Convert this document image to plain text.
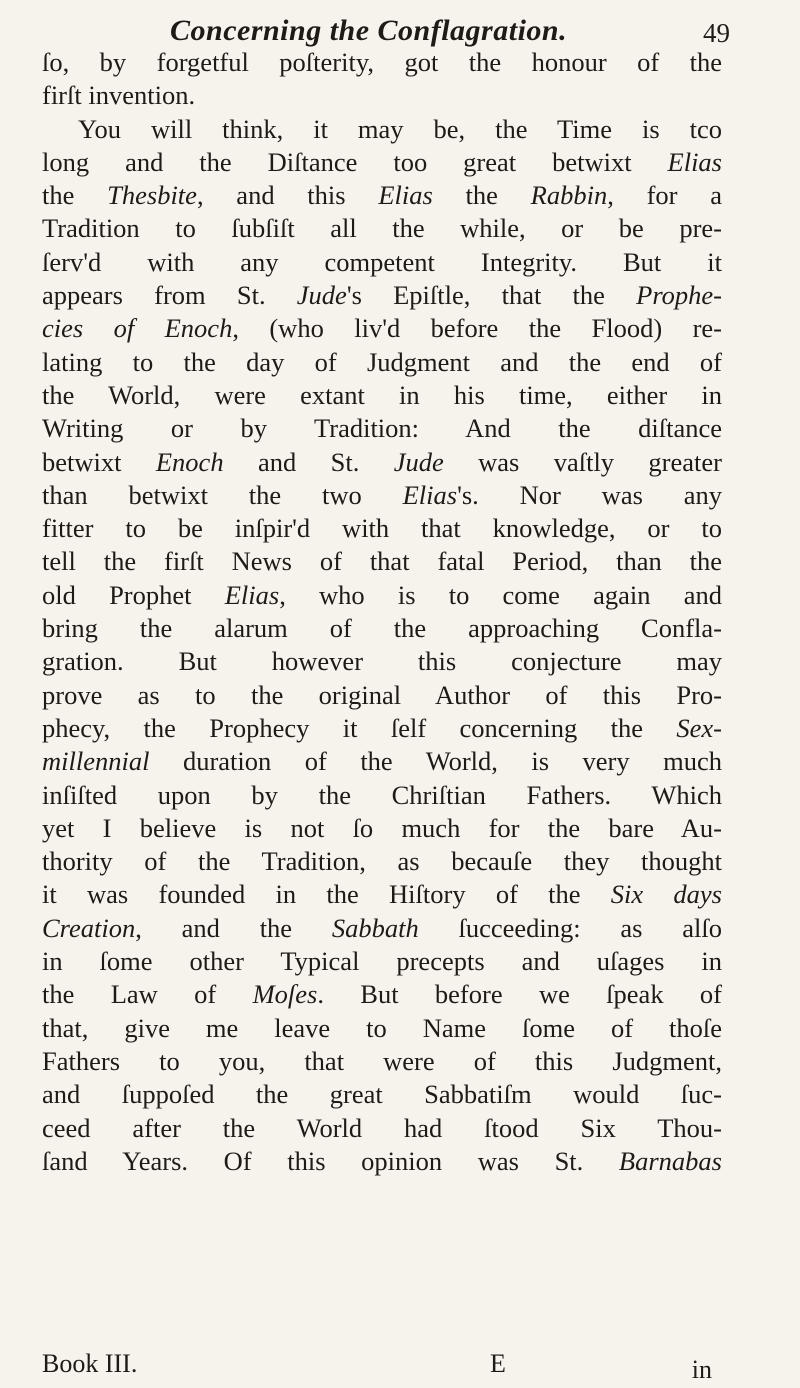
Concerning the Conflagration.	49
ſo, by forgetful poſterity, got the honour of the
firſt invention.
You will think, it may be, the Time is tco
long and the Diſtance too great betwixt Elias
the Thesbite, and this Elias the Rabbin, for a
Tradition to ſubſiſt all the while, or be pre-
ſerv'd with any competent Integrity. But it
appears from St. Jude's Epiſtle, that the Prophe-
cies of Enoch, (who liv'd before the Flood) re-
lating to the day of Judgment and the end of
the World, were extant in his time, either in
Writing or by Tradition: And the diſtance
betwixt Enoch and St. Jude was vaſtly greater
than betwixt the two Elias's. Nor was any
fitter to be inſpir'd with that knowledge, or to
tell the firſt News of that fatal Period, than the
old Prophet Elias, who is to come again and
bring the alarum of the approaching Confla-
gration. But however this conjecture may
prove as to the original Author of this Pro-
phecy, the Prophecy it ſelf concerning the Sex-
millennial duration of the World, is very much
inſiſted upon by the Chriſtian Fathers. Which
yet I believe is not ſo much for the bare Au-
thority of the Tradition, as becauſe they thought
it was founded in the Hiſtory of the Six days
Creation, and the Sabbath ſucceeding: as alſo
in ſome other Typical precepts and uſages in
the Law of Moſes. But before we ſpeak of
that, give me leave to Name ſome of thoſe
Fathers to you, that were of this Judgment,
and ſuppoſed the great Sabbatiſm would ſuc-
ceed after the World had ſtood Six Thou-
ſand Years. Of this opinion was St. Barnabas
Book III.	E	in
